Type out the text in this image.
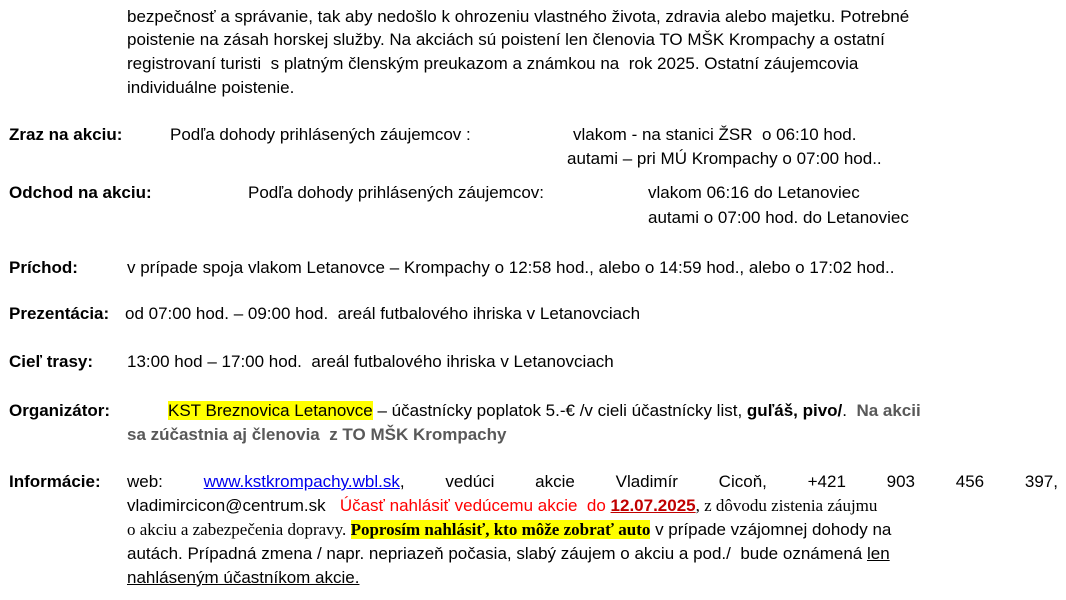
bezpečnosť a správanie, tak aby nedošlo k ohrozeniu vlastného života, zdravia alebo majetku. Potrebné
poistenie na zásah horskej služby. Na akciách sú poistení len členovia TO MŠK Krompachy a ostatní
registrovaní turisti  s platným členským preukazom a známkou na  rok 2025. Ostatní záujemcovia
individuálne poistenie.
Zraz na akciu:	Podľa dohody prihlásených záujemcov :	vlakom - na stanici ŽSR  o 06:10 hod.
autami – pri MÚ Krompachy o 07:00 hod..
Odchod na akciu:	Podľa dohody prihlásených záujemcov:	vlakom 06:16 do Letanoviec
autami o 07:00 hod. do Letanoviec
Príchod:	v prípade spoja vlakom Letanovce – Krompachy o 12:58 hod., alebo o 14:59 hod., alebo o 17:02 hod..
Prezentácia: od 07:00 hod. – 09:00 hod.  areál futbalového ihriska v Letanovciach
Cieľ trasy: 13:00 hod – 17:00 hod.  areál futbalového ihriska v Letanovciach
Organizátor:	KST Breznovica Letanovce – účastnícky poplatok 5.-€ /v cieli účastnícky list, guľáš, pivo/.  Na akcii
sa zúčastnia aj členovia  z TO MŠK Krompachy
Informácie: web: www.kstkrompachy.wbl.sk, vedúci akcie Vladimír Cicoň, +421 903 456 397,
vladimircicon@centrum.sk Účasť nahlásiť vedúcemu akcie  do 12.07.2025, z dôvodu zistenia záujmu
o akciu a zabezpečenia dopravy. Poprosím nahlásiť, kto môže zobrať auto v prípade vzájomnej dohody na
autách. Prípadná zmena / napr. nepriazeň počasia, slabý záujem o akciu a pod./  bude oznámená len
nahláseným účastníkom akcie.
